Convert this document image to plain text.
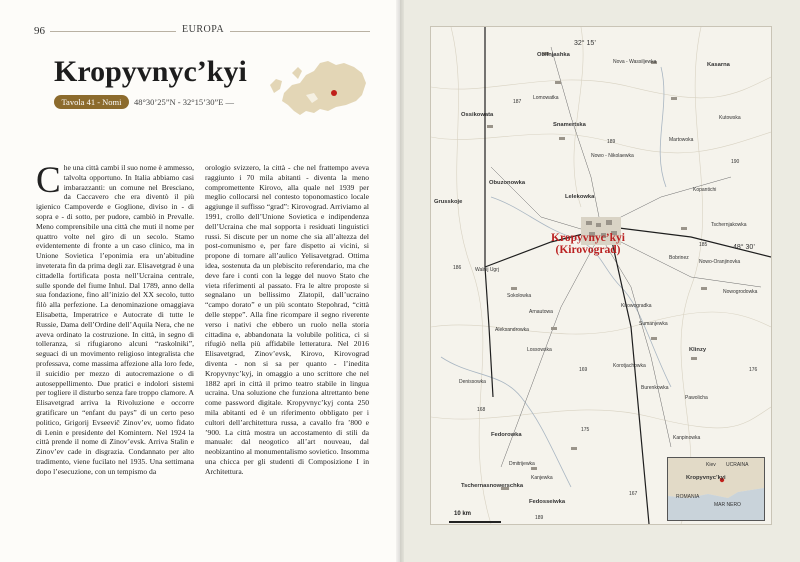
96	EUROPA
Kropyvnyc’kyi
Tavola 41 - Nomi	48°30’25”N - 32°15’30”E —
Che una città cambi il suo nome è ammesso, talvolta opportuno. In Italia abbiamo casi imbarazzanti: un comune nel Bresciano, da Caccavero che era diventò il più igienico Campoverde e Goglione, diviso in - di sopra e - di sotto, per pudore, cambiò in Prevalle. Meno comprensibile una città che muti il nome per quattro volte nel giro di un secolo. Stamo evidentemente di fronte a un caso clinico, ma in Unione Sovietica l’eponimia era un’abitudine inveterata fin da prima degli zar. Elisavetgrad è una cittadella fortificata posta nell’Ucraina centrale, sulle sponde del fiume Inhul. Dal 1789, anno della sua fondazione, fino all’inizio del XX secolo, tutto filò alla perfezione. La denominazione omaggiava Elisabetta, Imperatrice e Autocrate di tutte le Russie, Dama dell’Ordine dell’Aquila Nera, che ne aveva ordinato la costruzione. In città, in segno di tolleranza, si rifugiarono alcuni “raskolniki”, seguaci di un movimento religioso integralista che professava, come massima affezione alla loro fede, il suicidio per mezzo di autocremazione o di autoseppellimento. Due pratici e indolori sistemi per togliere il disturbo senza fare troppo clamore. A Elisavetgrad arriva la Rivoluzione e occorre gratificare un “enfant du pays” di un certo peso politico, Grigorij Evseevič Zinov’ev, uomo fidato di Lenin e presidente del Komintern. Nel 1924 la città prende il nome di Zinov’evsk. Arriva Stalin e Zinov’ev cade in disgrazia. Condannato per alto tradimento, viene fucilato nel 1935. Una settimana dopo l’esecuzione, con un tempismo da
orologio svizzero, la città - che nel frattempo aveva raggiunto i 70 mila abitanti - diventa la meno compromettente Kirovo, alla quale nel 1939 per meglio collocarsi nel contesto toponomastico locale aggiunge il suffisso “grad”: Kirovograd. Arriviamo al 1991, crollo dell’Unione Sovietica e indipendenza dell’Ucraina che mal sopporta i residuati linguistici russi. Si discute per un nome che sia all’altezza del post-comunismo e, per fare dispetto ai vicini, si propone di tornare all’aulico Yelisavetgrad. Ottima idea, sostenuta da un plebiscito referendario, ma che deve fare i conti con la legge del nuovo Stato che vieta riferimenti al passato. Fra le altre proposte si segnalano un bellissimo Zlatopil, dall’ucraino “campo dorato” e un più scontato Stepohrad, “città delle steppe”. Alla fine ricompare il segno riverente verso i nativi che ebbero un ruolo nella storia cittadina e, abbandonata la volubile politica, ci si rifugiò nella più affidabile letteratura. Nel 2016 Elisavetgrad, Zinov’evsk, Kirovo, Kirovograd diventa - non si sa per quanto - l’inedita Kropyvnyc’kyj, in omaggio a uno scrittore che nel 1882 aprì in città il primo teatro stabile in lingua ucraina. Una soluzione che funziona altrettanto bene come password digitale. Kropyvnyc’kyj conta 250 mila abitanti ed è un riferimento obbligato per i cultori dell’architettura russa, a cavallo fra ’800 e ’900. La città mostra un accostamento di stili da manuale: dal neogotico all’art nouveau, dal neobizantino al monumentalismo sovietico. Insomma una chicca per gli studenti di Composizione I in Architettura.
32° 15’
48° 30’
Obilnjashka
Nova - Wassiljewka	Kasarna
Lomowatka
Snamertska
Kutowska
Ossikowata
Martowoka
Nowo - Nikolaewka
Kopantichi
Obuzonowka
Lelekowka
Grusskoje
Walnij Ugrj
Bobrinez
Sokolowka
Arnautowa
Sumanjewka
Aleksandrowka
Fedorowka
Klinzy
Pawolicha
Denissowka
Nowogrodowka
Tschernjakowka
Nowo-Oranjinovka
Kirowogradka
Kanpinowka
Dmitrijewka
Korotjachowka
Lossowska
Tschernasnowerschka
Fedosseiwka
Burenkowka
Kanjewka
187
186
185
189
190
169
168
175
167
189
176
Kropyvnyc’kyi
(Kirovograd)
Kiev UCRAINA
Kropyvnyc’kyi
ROMANIA
MAR NERO
10 km
